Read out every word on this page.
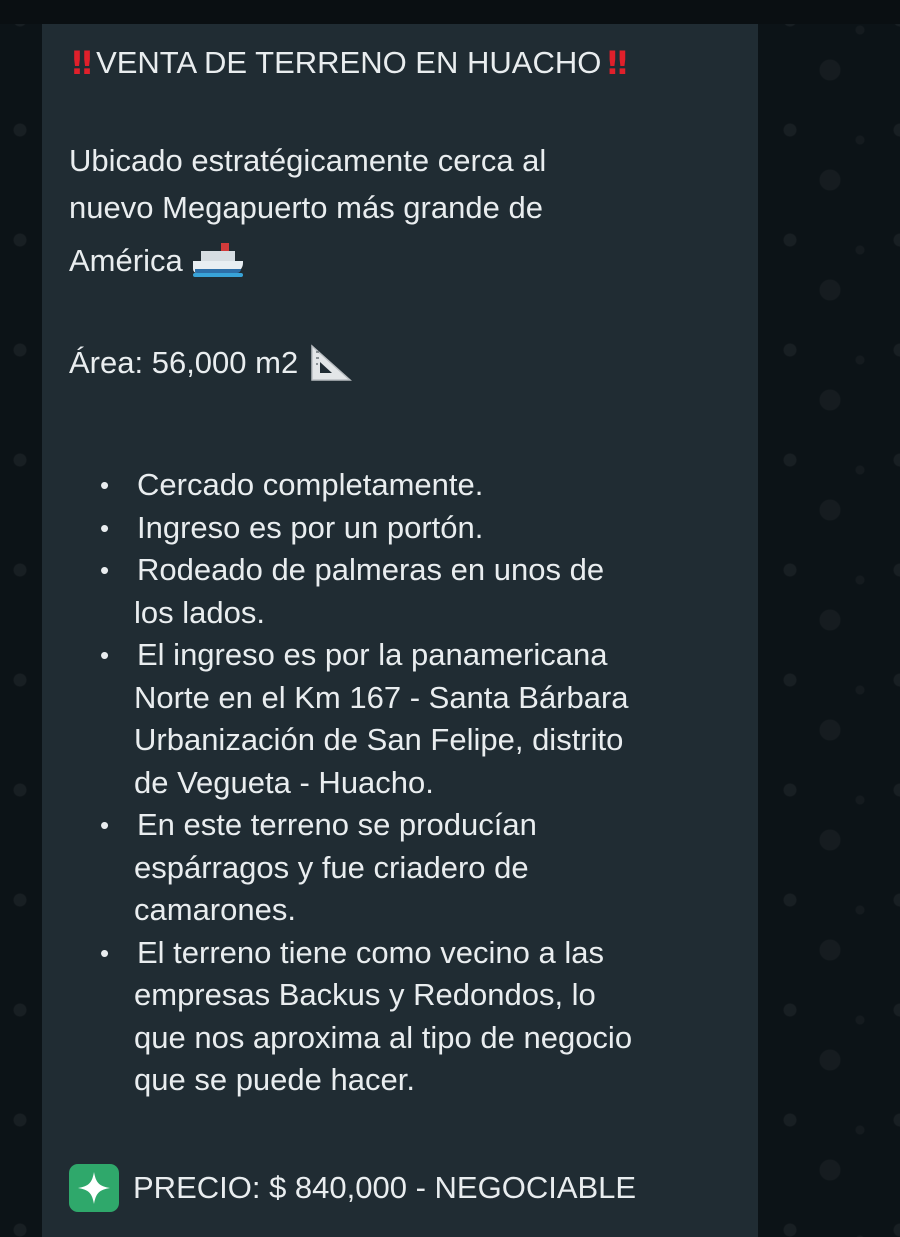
‼ VENTA DE TERRENO EN HUACHO ‼
Ubicado estratégicamente cerca al
nuevo Megapuerto más grande de
América
Área: 56,000 m2
• Cercado completamente.
• Ingreso es por un portón.
• Rodeado de palmeras en unos de
los lados.
• El ingreso es por la panamericana
Norte en el Km 167 - Santa Bárbara
Urbanización de San Felipe, distrito
de Vegueta - Huacho.
• En este terreno se producían
espárragos y fue criadero de
camarones.
• El terreno tiene como vecino a las
empresas Backus y Redondos, lo
que nos aproxima al tipo de negocio
que se puede hacer.
PRECIO: $ 840,000 - NEGOCIABLE
